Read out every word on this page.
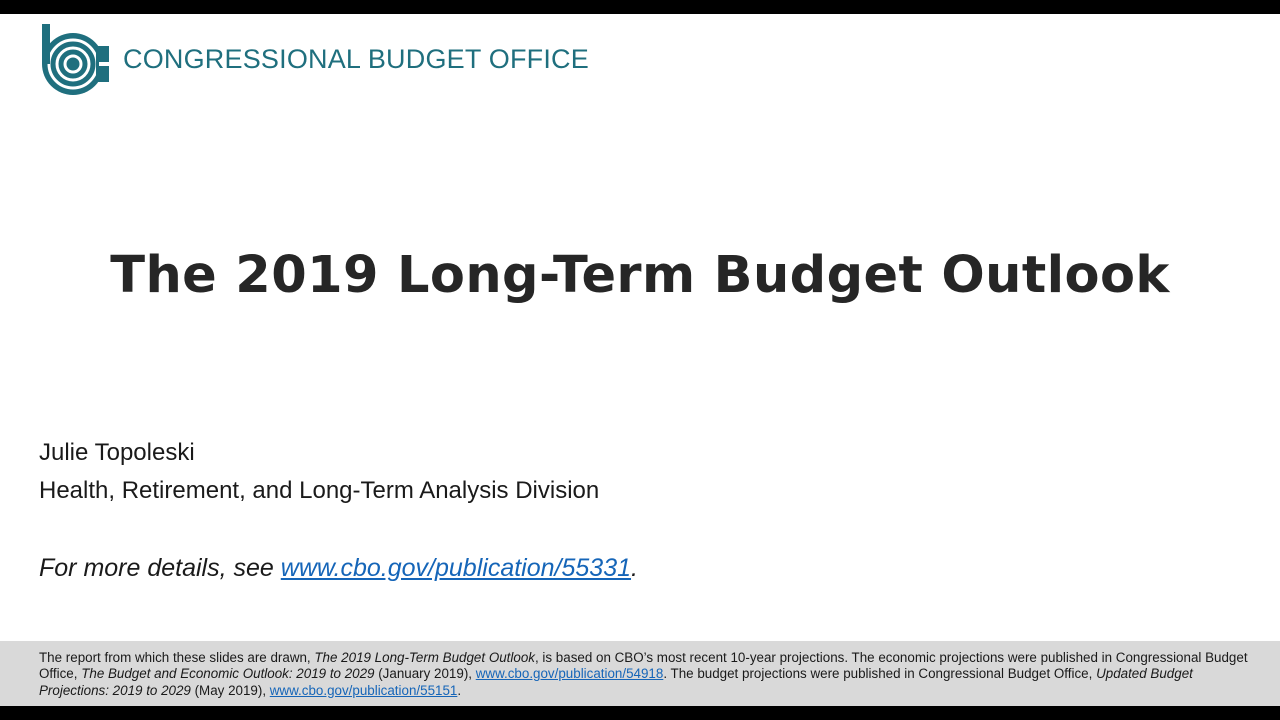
CONGRESSIONAL BUDGET OFFICE
The 2019 Long-Term Budget Outlook
Julie Topoleski
Health, Retirement, and Long-Term Analysis Division
For more details, see www.cbo.gov/publication/55331.
The report from which these slides are drawn, The 2019 Long-Term Budget Outlook, is based on CBO’s most recent 10-year projections. The economic projections were published in Congressional Budget Office, The Budget and Economic Outlook: 2019 to 2029 (January 2019), www.cbo.gov/publication/54918. The budget projections were published in Congressional Budget Office, Updated Budget Projections: 2019 to 2029 (May 2019), www.cbo.gov/publication/55151.
